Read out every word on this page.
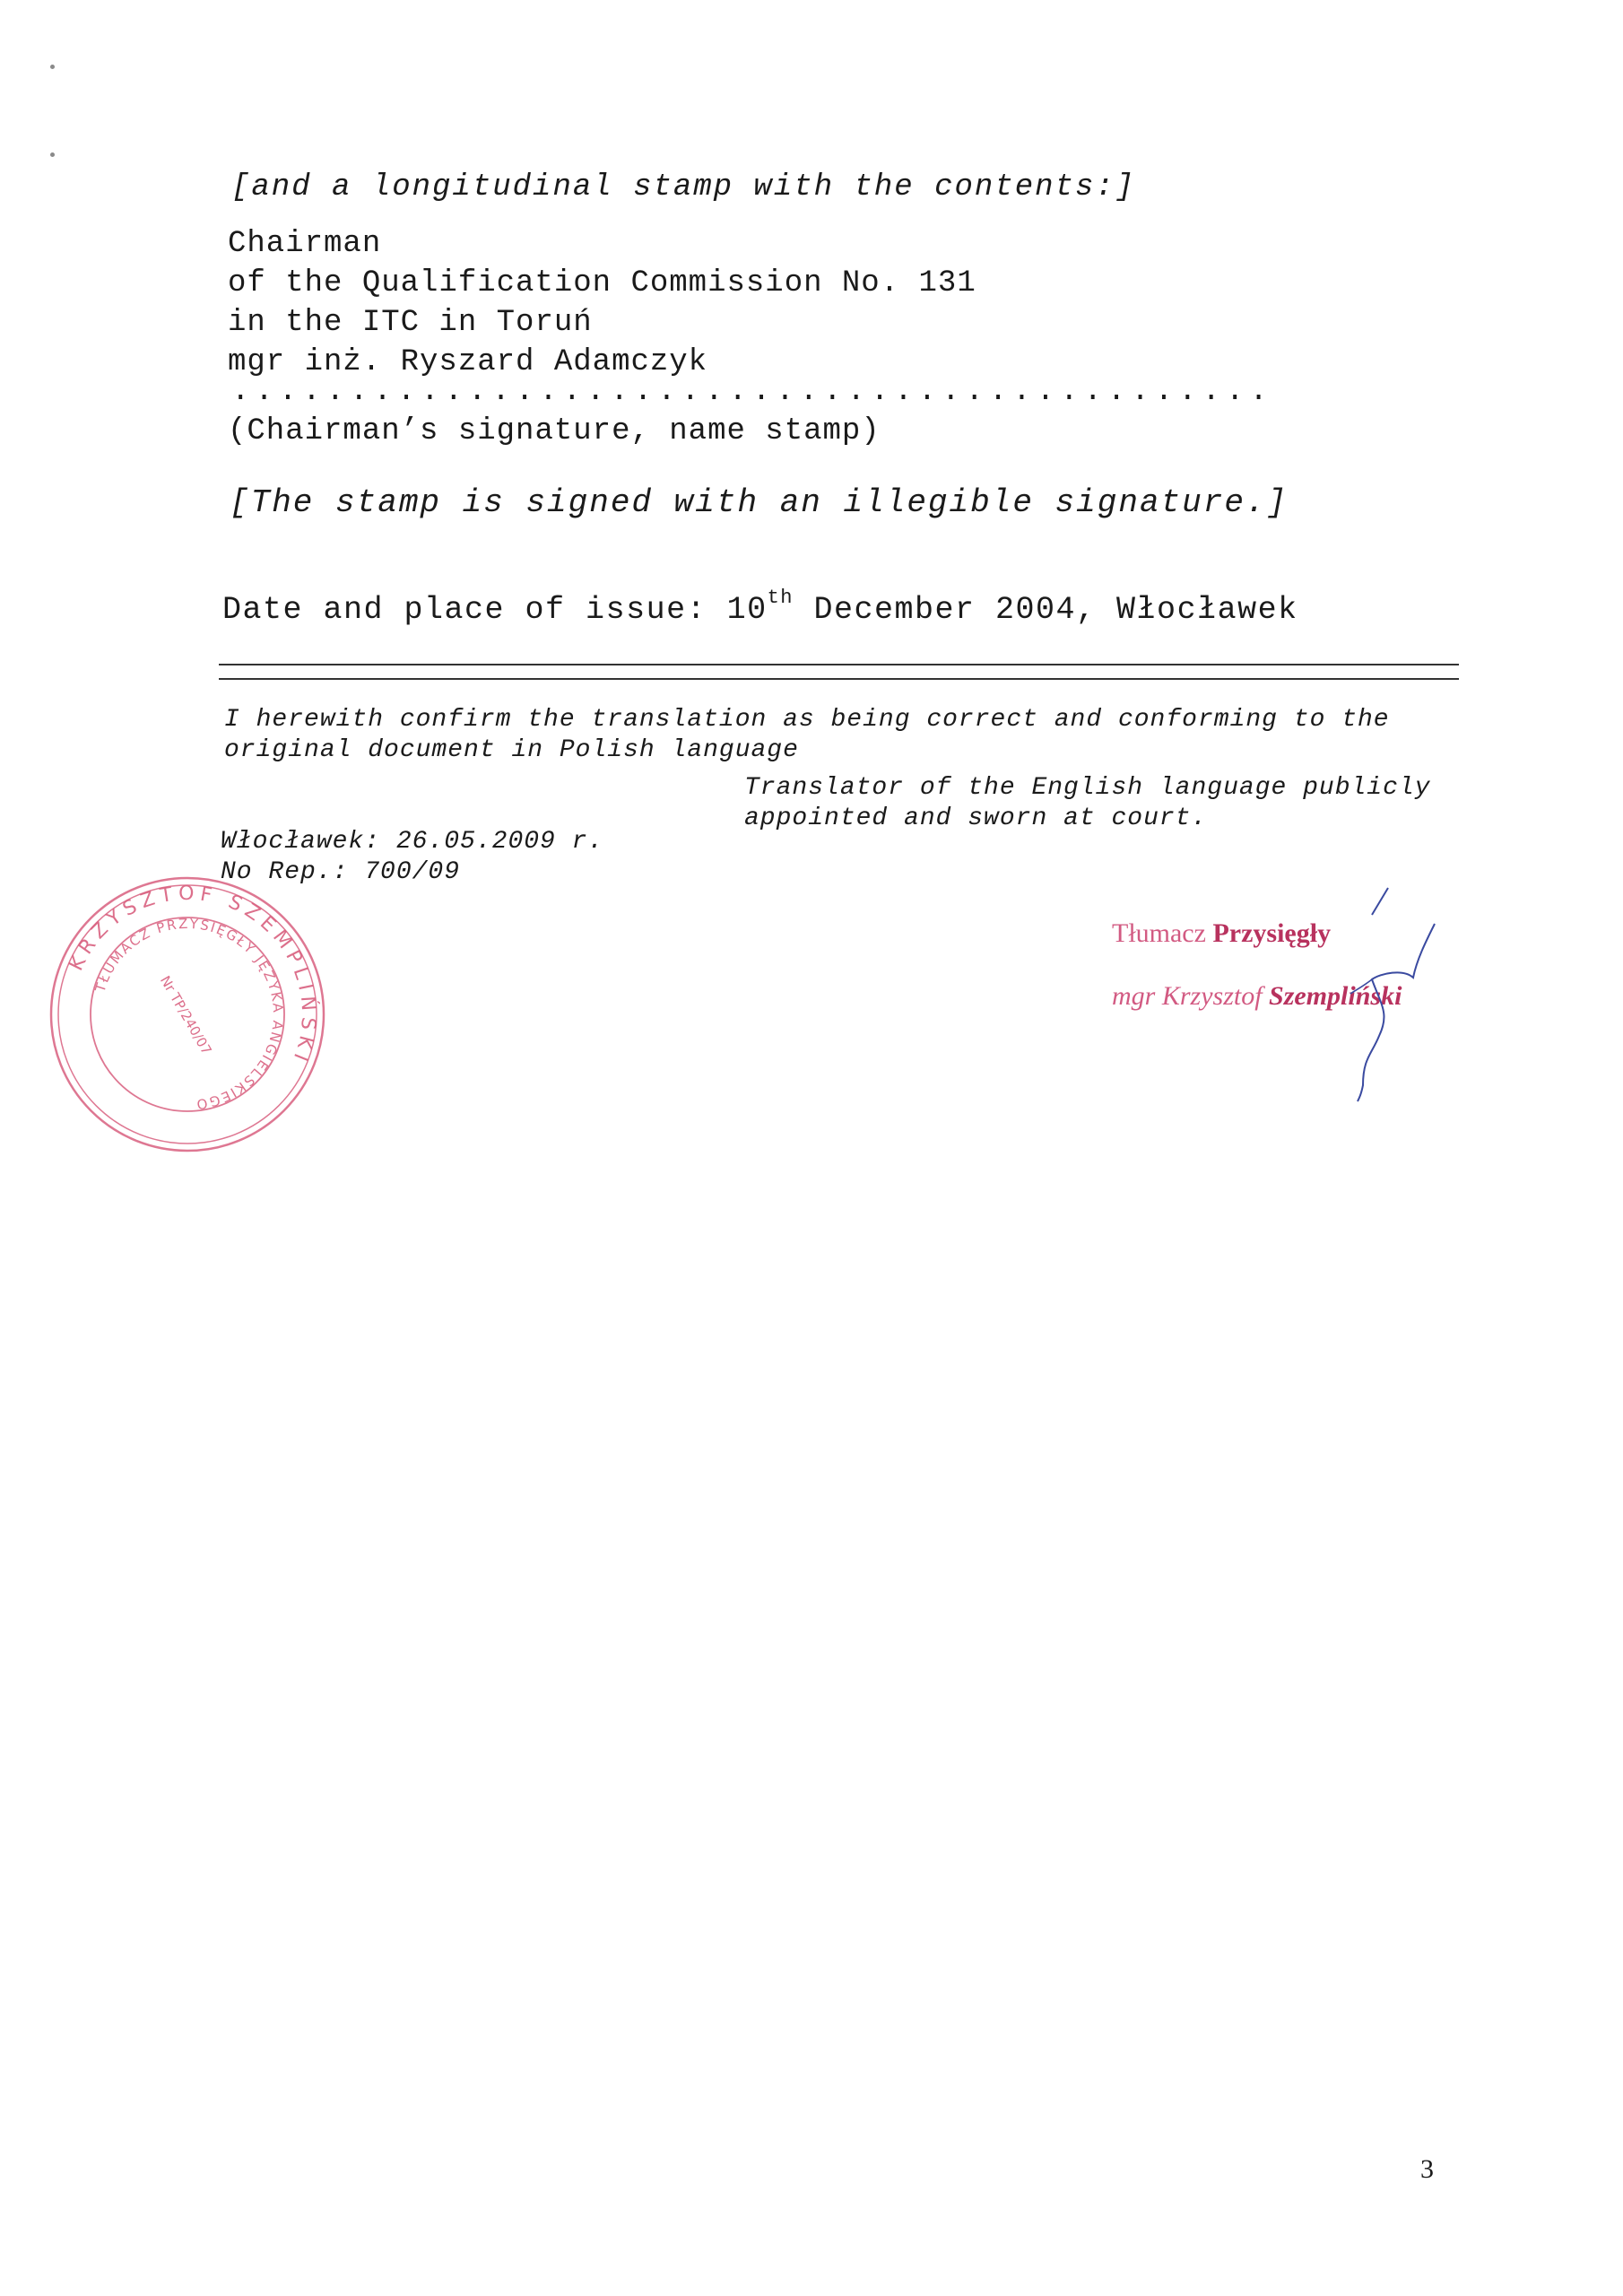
[and a longitudinal stamp with the contents:]
Chairman
of the Qualification Commission No. 131
in the ITC in Toruń
mgr inż. Ryszard Adamczyk
............................................
(Chairman’s signature, name stamp)
[The stamp is signed with an illegible signature.]
Date and place of issue: 10th December 2004, Włocławek
I herewith confirm the translation as being correct and conforming to the original document in Polish language
Translator of the English language publicly
appointed and sworn at court.
Włocławek: 26.05.2009 r.
No Rep.: 700/09
KRZYSZTOF SZEMPLIŃSKI
TŁUMACZ PRZYSIĘGŁY JĘZYKA ANGIELSKIEGO
Nr TP/240/07
Tłumacz Przysięgły
mgr Krzysztof Szempliński
3
